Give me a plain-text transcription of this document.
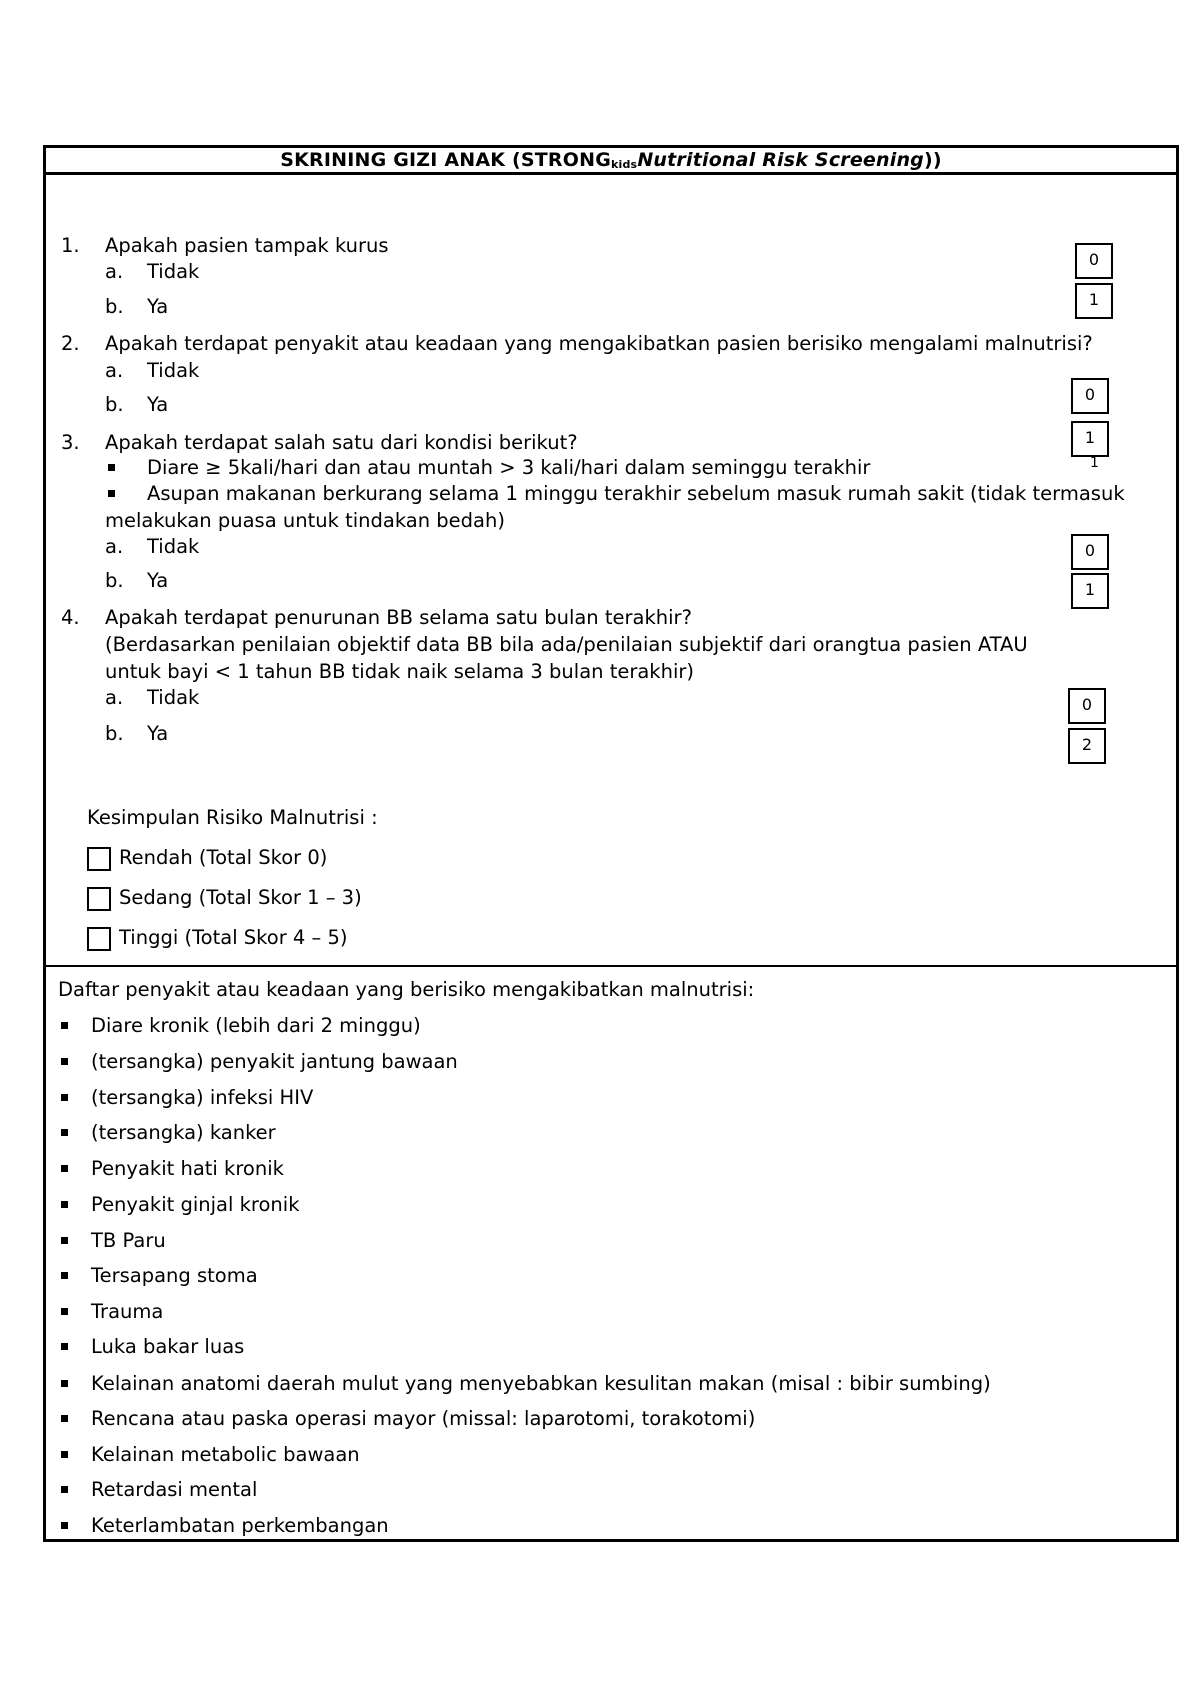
SKRINING GIZI ANAK ($STRONG_{kids}Nutritional$ Risk Screening))
1. Apakah pasien tampak kurus
a. Tidak
b. Ya
0
1
2. Apakah terdapat penyakit atau keadaan yang mengakibatkan pasien berisiko mengalami malnutrisi?
a. Tidak
b. Ya	0
1
1
3. Apakah terdapat salah satu dari kondisi berikut?
Diare ≥ 5kali/hari dan atau muntah > 3 kali/hari dalam seminggu terakhir
Asupan makanan berkurang selama 1 minggu terakhir sebelum masuk rumah sakit (tidak termasuk
melakukan puasa untuk tindakan bedah)
a. Tidak
b. Ya
0
1
4. Apakah terdapat penurunan BB selama satu bulan terakhir?
(Berdasarkan penilaian objektif data BB bila ada/penilaian subjektif dari orangtua pasien ATAU
untuk bayi < 1 tahun BB tidak naik selama 3 bulan terakhir)
a. Tidak
b. Ya
0
2
Kesimpulan Risiko Malnutrisi :
Rendah (Total Skor 0)
Sedang (Total Skor 1 – 3)
Tinggi (Total Skor 4 – 5)
Daftar penyakit atau keadaan yang berisiko mengakibatkan malnutrisi:
Diare kronik (lebih dari 2 minggu)
(tersangka) penyakit jantung bawaan
(tersangka) infeksi HIV
(tersangka) kanker
Penyakit hati kronik
Penyakit ginjal kronik
TB Paru
Tersapang stoma
Trauma
Luka bakar luas
Kelainan anatomi daerah mulut yang menyebabkan kesulitan makan (misal : bibir sumbing)
Rencana atau paska operasi mayor (missal: laparotomi, torakotomi)
Kelainan metabolic bawaan
Retardasi mental
Keterlambatan perkembangan
